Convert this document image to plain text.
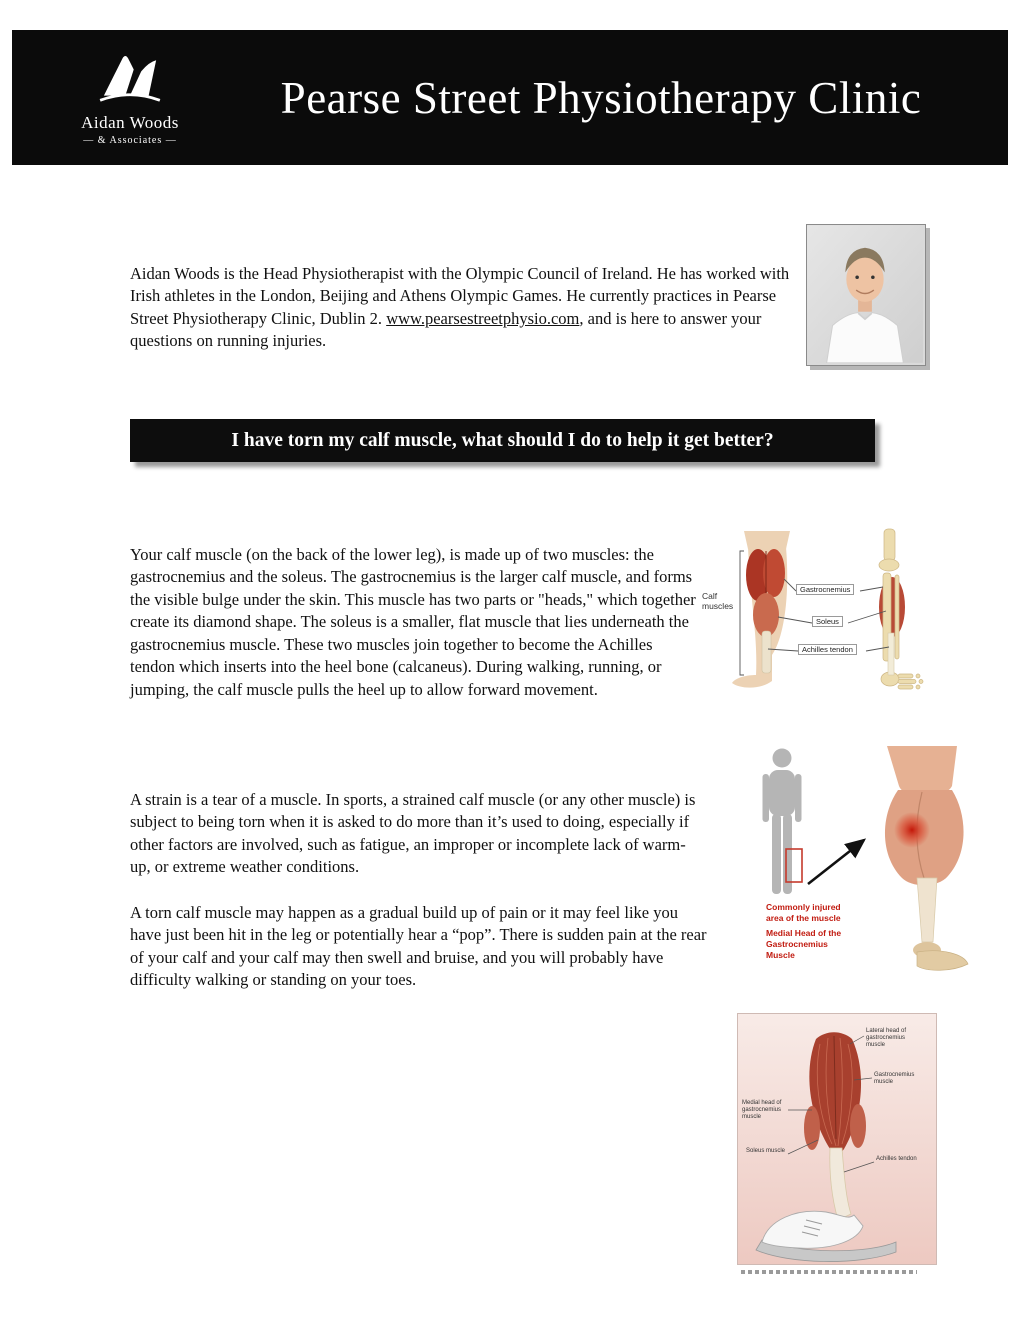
Aidan Woods
— & Associates —
Pearse Street Physiotherapy Clinic

Aidan Woods is the Head Physiotherapist with the Olympic Council of Ireland. He has worked with Irish athletes in the London, Beijing and Athens Olympic Games. He currently practices in Pearse Street Physiotherapy Clinic, Dublin 2. www.pearsestreetphysio.com, and is here to answer your questions on running injuries.

I have torn my calf muscle, what should I do to help it get better?

Your calf muscle (on the back of the lower leg), is made up of two muscles: the gastrocnemius and the soleus. The gastrocnemius is the larger calf muscle, and forms the visible bulge under the skin. This muscle has two parts or "heads," which together create its diamond shape. The soleus is a smaller, flat muscle that lies underneath the gastrocnemius muscle. These two muscles join together to become the Achilles tendon which inserts into the heel bone (calcaneus). During walking, running, or jumping, the calf muscle pulls the heel up to allow forward movement.

A strain is a tear of a muscle. In sports, a strained calf muscle (or any other muscle) is subject to being torn when it is asked to do more than it’s used to doing, especially if other factors are involved, such as fatigue, an improper or incomplete lack of warm-up, or extreme weather conditions.

A torn calf muscle may happen as a gradual build up of pain or it may feel like you have just been hit in the leg or potentially hear a “pop”. There is sudden pain at the rear of your calf and your calf may then swell and bruise, and you will probably have difficulty walking or standing on your toes.

Calf muscles
Gastrocnemius
Soleus
Achilles tendon

Commonly injured area of the muscle

Medial Head of the Gastrocnemius Muscle

Lateral head of gastrocnemius muscle
Gastrocnemius muscle
Medial head of gastrocnemius muscle
Soleus muscle
Achilles tendon
